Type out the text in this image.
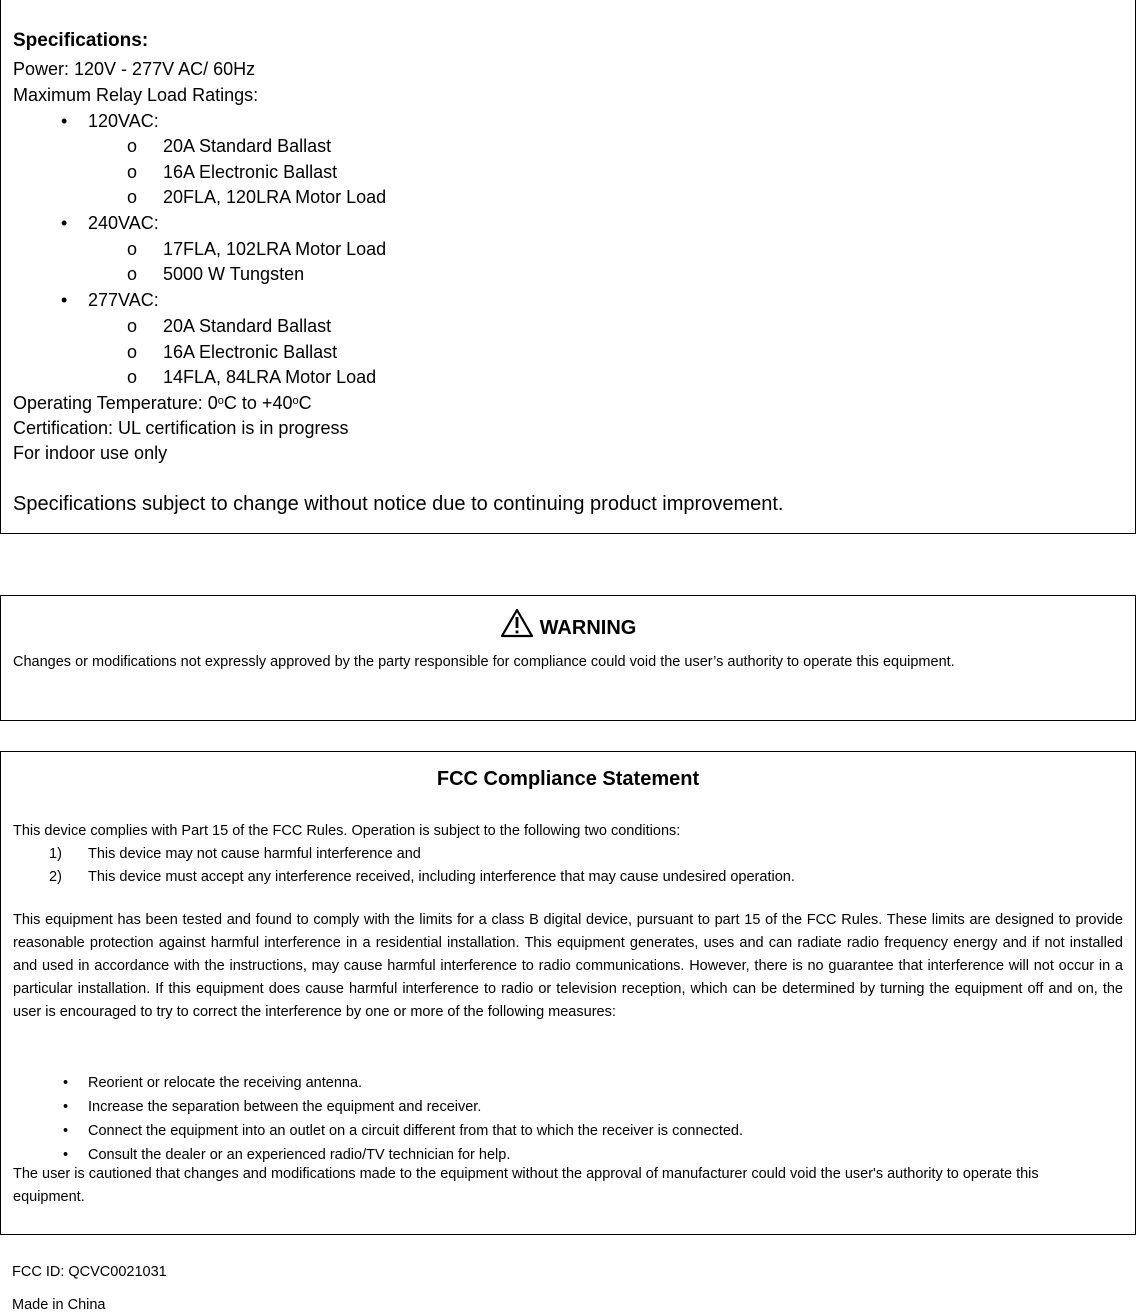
Specifications:
Power: 120V - 277V AC/ 60Hz
Maximum Relay Load Ratings:
• 120VAC:
o 20A Standard Ballast
o 16A Electronic Ballast
o 20FLA, 120LRA Motor Load
• 240VAC:
o 17FLA, 102LRA Motor Load
o 5000 W Tungsten
• 277VAC:
o 20A Standard Ballast
o 16A Electronic Ballast
o 14FLA, 84LRA Motor Load
Operating Temperature: 0$^o$C to $+40^oC$
Certification: UL certification is in progress
For indoor use only
Specifications subject to change without notice due to continuing product improvement.
WARNING
Changes or modifications not expressly approved by the party responsible for compliance could void the user’s authority to operate this equipment.
FCC Compliance Statement
This device complies with Part 15 of the FCC Rules. Operation is subject to the following two conditions:
1) This device may not cause harmful interference and
2) This device must accept any interference received, including interference that may cause undesired operation.
This equipment has been tested and found to comply with the limits for a class B digital device, pursuant to part 15 of the FCC Rules. These limits are designed to provide reasonable protection against harmful interference in a residential installation. This equipment generates, uses and can radiate radio frequency energy and if not installed and used in accordance with the instructions, may cause harmful interference to radio communications. However, there is no guarantee that interference will not occur in a particular installation. If this equipment does cause harmful interference to radio or television reception, which can be determined by turning the equipment off and on, the user is encouraged to try to correct the interference by one or more of the following measures:
• Reorient or relocate the receiving antenna.
• Increase the separation between the equipment and receiver.
• Connect the equipment into an outlet on a circuit different from that to which the receiver is connected.
• Consult the dealer or an experienced radio/TV technician for help.
The user is cautioned that changes and modifications made to the equipment without the approval of manufacturer could void the user's authority to operate this equipment.
FCC ID: QCVC0021031
Made in China
